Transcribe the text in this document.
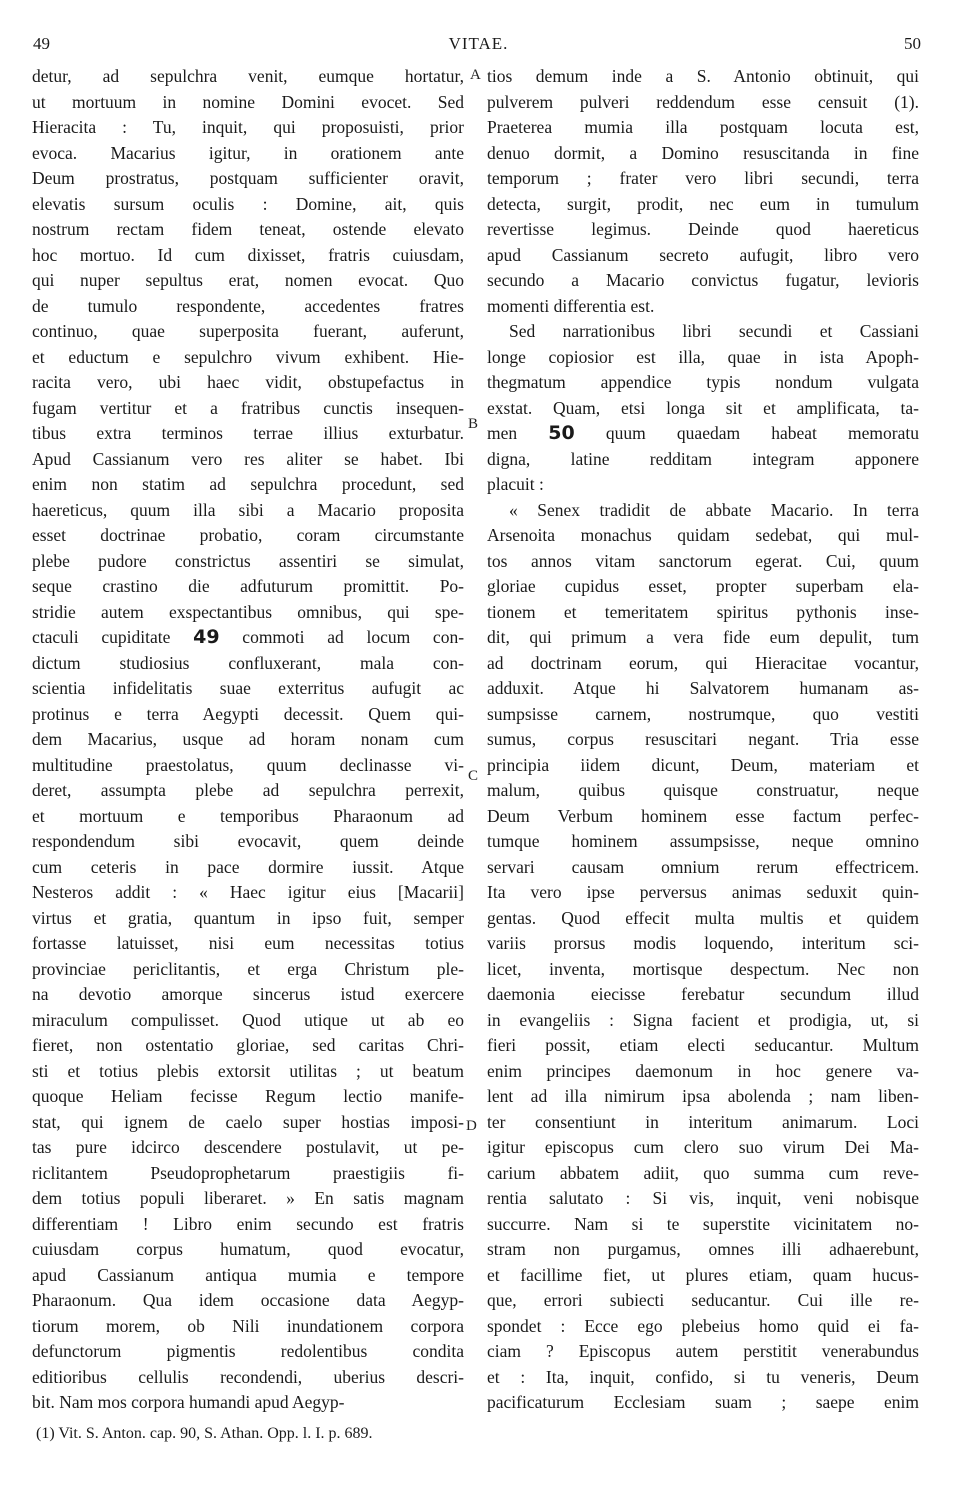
49	VITAE.	50
detur, ad sepulchra venit, eumque hortatur,
ut mortuum in nomine Domini evocet. Sed
Hieracita : Tu, inquit, qui proposuisti, prior
evoca. Macarius igitur, in orationem ante
Deum prostratus, postquam sufficienter oravit,
elevatis sursum oculis : Domine, ait, quis
nostrum rectam fidem teneat, ostende elevato
hoc mortuo. Id cum dixisset, fratris cuiusdam,
qui nuper sepultus erat, nomen evocat. Quo
de tumulo respondente, accedentes fratres
continuo, quae superposita fuerant, auferunt,
et eductum e sepulchro vivum exhibent. Hie-
racita vero, ubi haec vidit, obstupefactus in
fugam vertitur et a fratribus cunctis insequen-
tibus extra terminos terrae illius exturbatur.
Apud Cassianum vero res aliter se habet. Ibi
enim non statim ad sepulchra procedunt, sed
haereticus, quum illa sibi a Macario proposita
esset doctrinae probatio, coram circumstante
plebe pudore constrictus assentiri se simulat,
seque crastino die adfuturum promittit. Po-
stridie autem exspectantibus omnibus, qui spe-
ctaculi cupiditate 49 commoti ad locum con-
dictum studiosius confluxerant, mala con-
scientia infidelitatis suae exterritus aufugit ac
protinus e terra Aegypti decessit. Quem qui-
dem Macarius, usque ad horam nonam cum
multitudine praestolatus, quum declinasse vi-
deret, assumpta plebe ad sepulchra perrexit,
et mortuum e temporibus Pharaonum ad
respondendum sibi evocavit, quem deinde
cum ceteris in pace dormire iussit. Atque
Nesteros addit : « Haec igitur eius [Macarii]
virtus et gratia, quantum in ipso fuit, semper
fortasse latuisset, nisi eum necessitas totius
provinciae periclitantis, et erga Christum ple-
na devotio amorque sincerus istud exercere
miraculum compulisset. Quod utique ut ab eo
fieret, non ostentatio gloriae, sed caritas Chri-
sti et totius plebis extorsit utilitas ; ut beatum
quoque Heliam fecisse Regum lectio manife-
stat, qui ignem de caelo super hostias imposi-
tas pure idcirco descendere postulavit, ut pe-
riclitantem Pseudoprophetarum praestigiis fi-
dem totius populi liberaret. » En satis magnam
differentiam ! Libro enim secundo est fratris
cuiusdam corpus humatum, quod evocatur,
apud Cassianum antiqua mumia e tempore
Pharaonum. Qua idem occasione data Aegyp-
tiorum morem, ob Nili inundationem corpora
defunctorum pigmentis redolentibus condita
editioribus cellulis recondendi, uberius descri-
bit. Nam mos corpora humandi apud Aegyp-
tios demum inde a S. Antonio obtinuit, qui
pulverem pulveri reddendum esse censuit (1).
Praeterea mumia illa postquam locuta est,
denuo dormit, a Domino resuscitanda in fine
temporum ; frater vero libri secundi, terra
detecta, surgit, prodit, nec eum in tumulum
revertisse legimus. Deinde quod haereticus
apud Cassianum secreto aufugit, libro vero
secundo a Macario convictus fugatur, levioris
momenti differentia est.
Sed narrationibus libri secundi et Cassiani
longe copiosior est illa, quae in ista Apoph-
thegmatum appendice typis nondum vulgata
exstat. Quam, etsi longa sit et amplificata, ta-
men 50 quum quaedam habeat memoratu
digna, latine redditam integram apponere
placuit :
« Senex tradidit de abbate Macario. In terra
Arsenoita monachus quidam sedebat, qui mul-
tos annos vitam sanctorum egerat. Cui, quum
gloriae cupidus esset, propter superbam ela-
tionem et temeritatem spiritus pythonis inse-
dit, qui primum a vera fide eum depulit, tum
ad doctrinam eorum, qui Hieracitae vocantur,
adduxit. Atque hi Salvatorem humanam as-
sumpsisse carnem, nostrumque, quo vestiti
sumus, corpus resuscitari negant. Tria esse
principia iidem dicunt, Deum, materiam et
malum, quibus quisque construatur, neque
Deum Verbum hominem esse factum perfec-
tumque hominem assumpsisse, neque omnino
servari causam omnium rerum effectricem.
Ita vero ipse perversus animas seduxit quin-
gentas. Quod effecit multa multis et quidem
variis prorsus modis loquendo, interitum sci-
licet, inventa, mortisque despectum. Nec non
daemonia eiecisse ferebatur secundum illud
in evangeliis : Signa facient et prodigia, ut, si
fieri possit, etiam electi seducantur. Multum
enim principes daemonum in hoc genere va-
lent ad illa nimirum ipsa abolenda ; nam liben-
ter consentiunt in interitum animarum. Loci
igitur episcopus cum clero suo virum Dei Ma-
carium abbatem adiit, quo summa cum reve-
rentia salutato : Si vis, inquit, veni nobisque
succurre. Nam si te superstite vicinitatem no-
stram non purgamus, omnes illi adhaerebunt,
et facillime fiet, ut plures etiam, quam hucus-
que, errori subiecti seducantur. Cui ille re-
spondet : Ecce ego plebeius homo quid ei fa-
ciam ? Episcopus autem perstitit venerabundus
et : Ita, inquit, confido, si tu veneris, Deum
pacificaturum Ecclesiam suam ; saepe enim
A
B
C
D
(1) Vit. S. Anton. cap. 90, S. Athan. Opp. l. I. p. 689.
